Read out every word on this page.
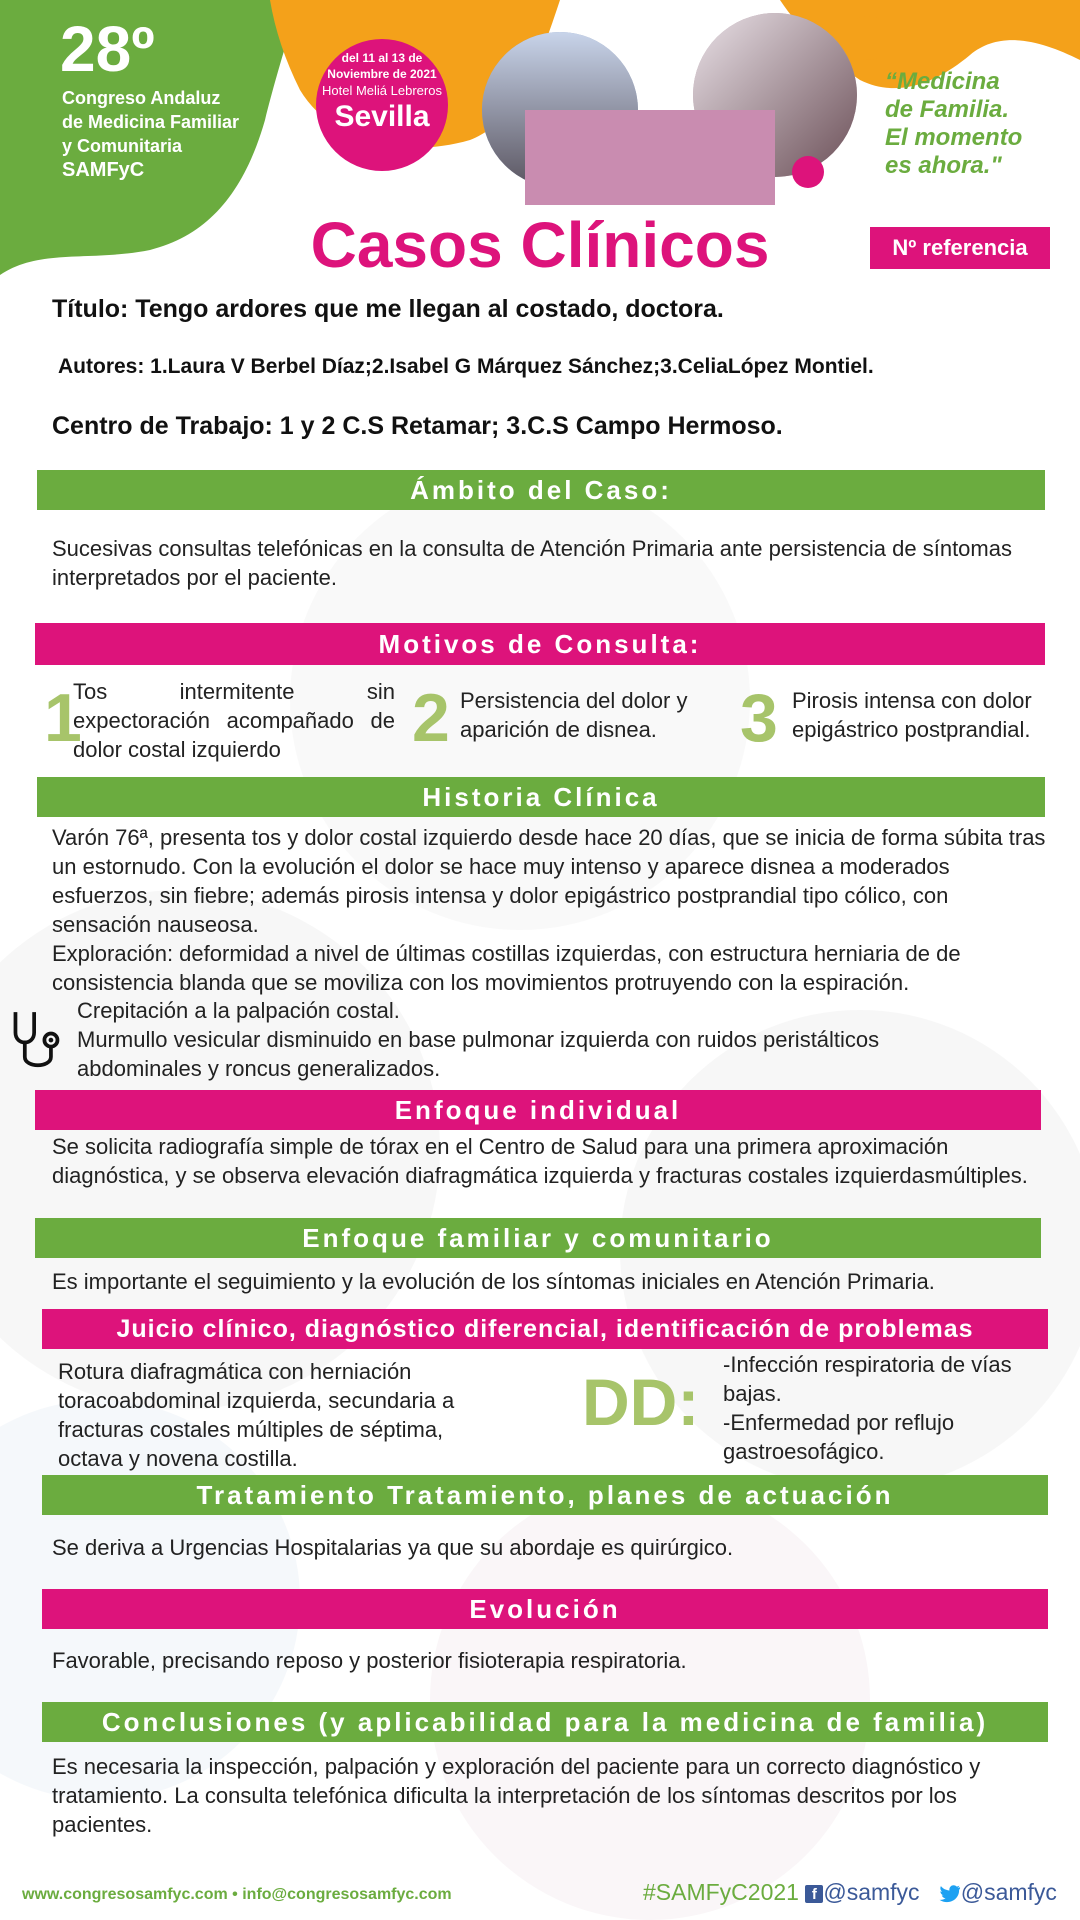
28º
Congreso Andaluz
de Medicina Familiar
y Comunitaria
SAMFyC
del 11 al 13 de
Noviembre de 2021
Hotel Meliá Lebreros
Sevilla
“Medicina
de Familia.
El momento
es ahora."
Casos Clínicos	Nº referencia
Título: Tengo ardores que me llegan al costado, doctora.
Autores: 1.Laura V Berbel Díaz;2.Isabel G Márquez Sánchez;3.CeliaLópez Montiel.
Centro de Trabajo: 1 y 2 C.S Retamar; 3.C.S Campo Hermoso.
Ámbito del Caso:
Sucesivas consultas telefónicas en la consulta de Atención Primaria ante persistencia de síntomas interpretados por el paciente.
Motivos de Consulta:
1
Tos intermitente sin expectoración acompañado de dolor costal izquierdo	2 Persistencia del dolor y aparición de disnea.	3 Pirosis intensa con dolor epigástrico postprandial.
Historia Clínica
Varón 76ª, presenta tos y dolor costal izquierdo desde hace 20 días, que se inicia de forma súbita tras un estornudo. Con la evolución el dolor se hace muy intenso y aparece disnea a moderados esfuerzos, sin fiebre; además pirosis intensa y dolor epigástrico postprandial tipo cólico, con sensación nauseosa.
Exploración: deformidad a nivel de últimas costillas izquierdas, con estructura herniaria de de consistencia blanda que se moviliza con los movimientos protruyendo con la espiración.
Crepitación a la palpación costal.
Murmullo vesicular disminuido en base pulmonar izquierda con ruidos peristálticos abdominales y roncus generalizados.
Enfoque individual
Se solicita radiografía simple de tórax en el Centro de Salud para una primera aproximación diagnóstica, y se observa elevación diafragmática izquierda y fracturas costales izquierdasmúltiples.
Enfoque familiar y comunitario
Es importante el seguimiento y la evolución de los síntomas iniciales en Atención Primaria.
Juicio clínico, diagnóstico diferencial, identificación de problemas
Rotura diafragmática con herniación toracoabdominal izquierda, secundaria a fracturas costales múltiples de séptima, octava y novena costilla.
DD:
-Infección respiratoria de vías bajas.
-Enfermedad por reflujo gastroesofágico.
Tratamiento Tratamiento, planes de actuación
Se deriva a Urgencias Hospitalarias ya que su abordaje es quirúrgico.
Evolución
Favorable, precisando reposo y posterior fisioterapia respiratoria.
Conclusiones (y aplicabilidad para la medicina de familia)
Es necesaria la inspección, palpación y exploración del paciente para un correcto diagnóstico y tratamiento. La consulta telefónica dificulta la interpretación de los síntomas descritos por los pacientes.
www.congresosamfyc.com • info@congresosamfyc.com	#SAMFyC2021 f @samfyc @samfyc
